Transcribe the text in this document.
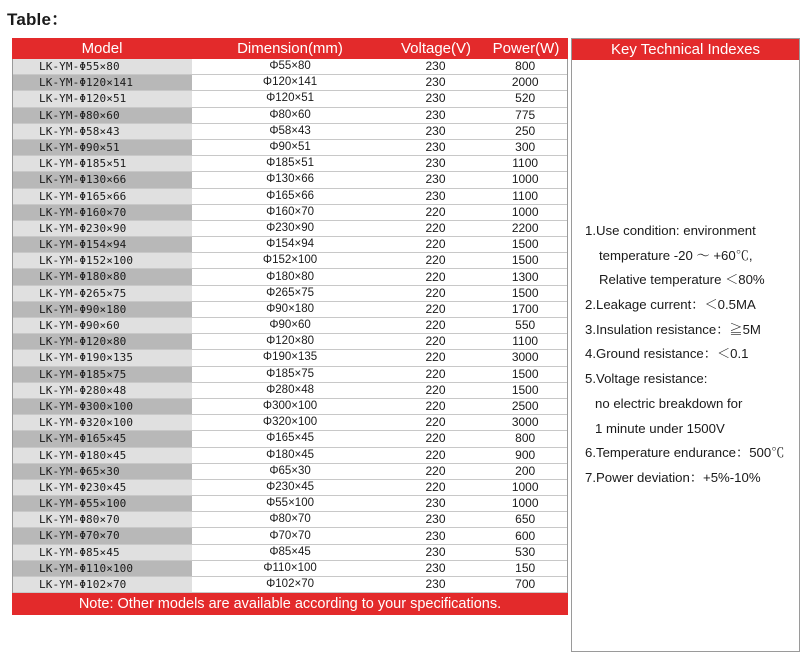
Table：
Model	Dimension(mm)	Voltage(V)	Power(W)
LK-YM-Φ55×80	Φ55×80	230	800
LK-YM-Φ120×141	Φ120×141	230	2000
LK-YM-Φ120×51	Φ120×51	230	520
LK-YM-Φ80×60	Φ80×60	230	775
LK-YM-Φ58×43	Φ58×43	230	250
LK-YM-Φ90×51	Φ90×51	230	300
LK-YM-Φ185×51	Φ185×51	230	1100
LK-YM-Φ130×66	Φ130×66	230	1000
LK-YM-Φ165×66	Φ165×66	230	1100
LK-YM-Φ160×70	Φ160×70	220	1000
LK-YM-Φ230×90	Φ230×90	220	2200
LK-YM-Φ154×94	Φ154×94	220	1500
LK-YM-Φ152×100	Φ152×100	220	1500
LK-YM-Φ180×80	Φ180×80	220	1300
LK-YM-Φ265×75	Φ265×75	220	1500
LK-YM-Φ90×180	Φ90×180	220	1700
LK-YM-Φ90×60	Φ90×60	220	550
LK-YM-Φ120×80	Φ120×80	220	1100
LK-YM-Φ190×135	Φ190×135	220	3000
LK-YM-Φ185×75	Φ185×75	220	1500
LK-YM-Φ280×48	Φ280×48	220	1500
LK-YM-Φ300×100	Φ300×100	220	2500
LK-YM-Φ320×100	Φ320×100	220	3000
LK-YM-Φ165×45	Φ165×45	220	800
LK-YM-Φ180×45	Φ180×45	220	900
LK-YM-Φ65×30	Φ65×30	220	200
LK-YM-Φ230×45	Φ230×45	220	1000
LK-YM-Φ55×100	Φ55×100	230	1000
LK-YM-Φ80×70	Φ80×70	230	650
LK-YM-Φ70×70	Φ70×70	230	600
LK-YM-Φ85×45	Φ85×45	230	530
LK-YM-Φ110×100	Φ110×100	230	150
LK-YM-Φ102×70	Φ102×70	230	700
Note: Other models are available according to your specifications.
Key Technical Indexes
1.Use condition: environment
temperature -20 ～ +60℃,
Relative temperature ＜80%
2.Leakage current：＜0.5MA
3.Insulation resistance：≧5M
4.Ground resistance：＜0.1
5.Voltage resistance:
no electric breakdown for
1 minute under 1500V
6.Temperature endurance：500℃
7.Power deviation：+5%-10%
